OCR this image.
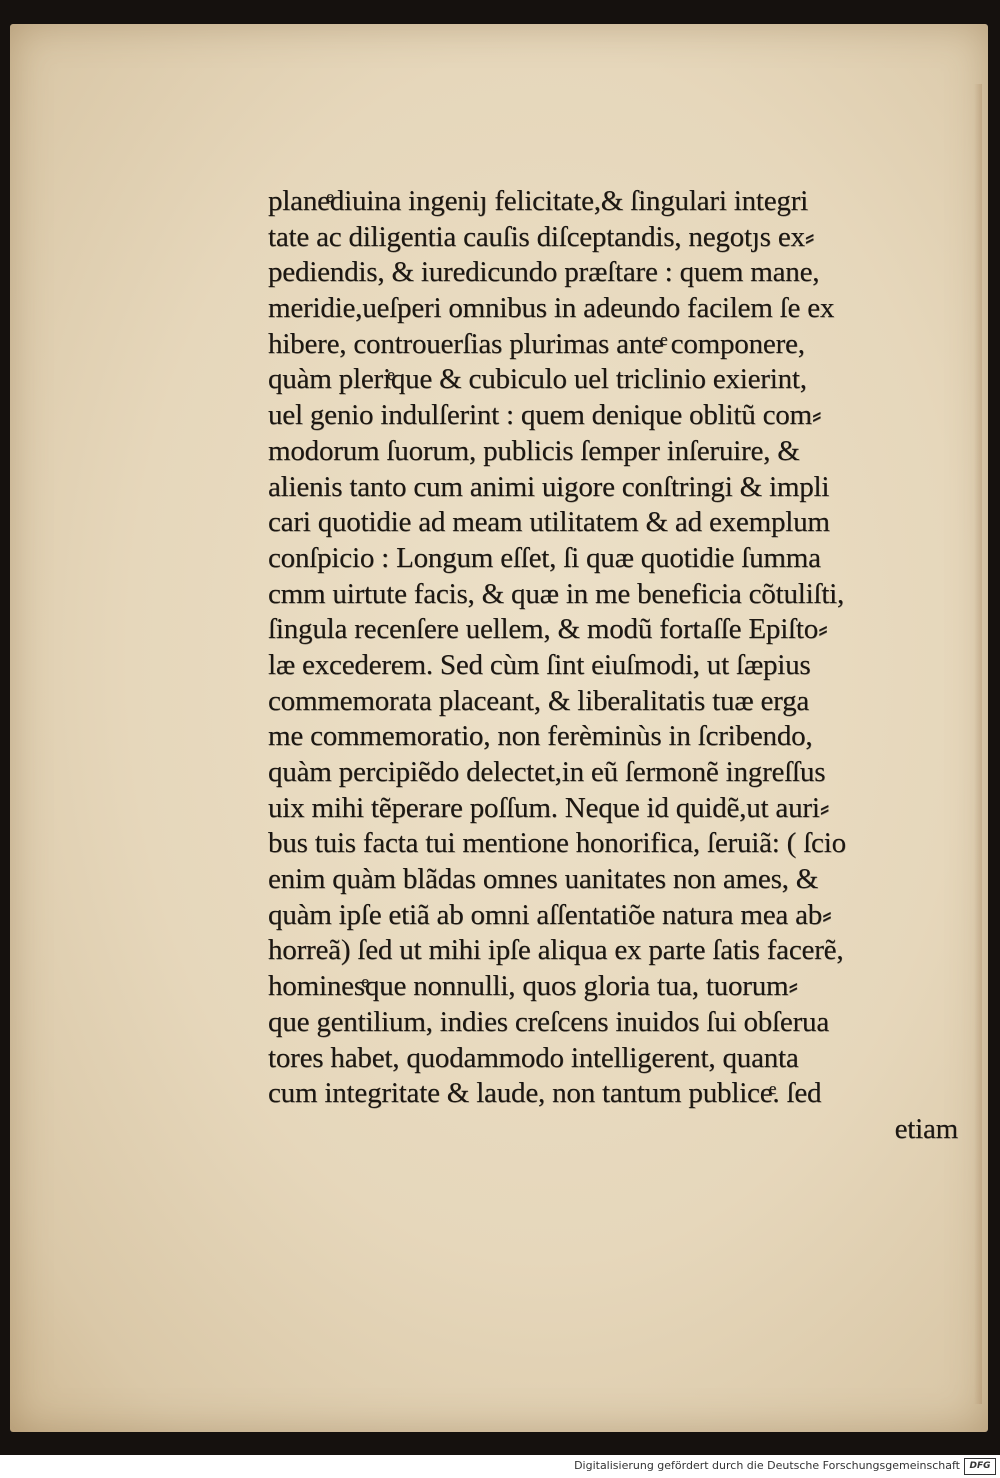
planeͤdiuina ingeniȷ felicitate,& ſingulari integri
tate ac diligentia cauſis diſceptandis, negotȷs ex⸗
pediendis, & iuredicundo præſtare : quem mane,
meridie,ueſperi omnibus in adeundo facilem ſe ex
hibere, controuerſias plurimas anteͤ componere,
quàm pleriͤque & cubiculo uel triclinio exierint,
uel genio indulſerint : quem denique oblitũ com⸗
modorum ſuorum, publicis ſemper inſeruire, &
alienis tanto cum animi uigore conſtringi & impli
cari quotidie ad meam utilitatem & ad exemplum
conſpicio : Longum eſſet, ſi quæ quotidie ſumma
cmm uirtute facis, & quæ in me beneficia cõtuliſti,
ſingula recenſere uellem, & modũ fortaſſe Epiſto⸗
læ excederem. Sed cùm ſint eiuſmodi, ut ſæpius
commemorata placeant, & liberalitatis tuæ erga
me commemoratio, non ferèminùs in ſcribendo,
quàm percipiẽdo delectet,in eũ ſermonẽ ingreſſus
uix mihi tẽperare poſſum. Neque id quidẽ,ut auri⸗
bus tuis facta tui mentione honorifica, ſeruiã: ( ſcio
enim quàm blãdas omnes uanitates non ames, &
quàm ipſe etiã ab omni aſſentatiõe natura mea ab⸗
horreã) ſed ut mihi ipſe aliqua ex parte ſatis facerẽ,
hominesͤque nonnulli, quos gloria tua, tuorum⸗
que gentilium, indies creſcens inuidos ſui obſerua
tores habet, quodammodo intelligerent, quanta
cum integritate & laude, non tantum publiceͤ. ſed
etiam
Digitalisierung gefördert durch die Deutsche Forschungsgemeinschaft	DFG
